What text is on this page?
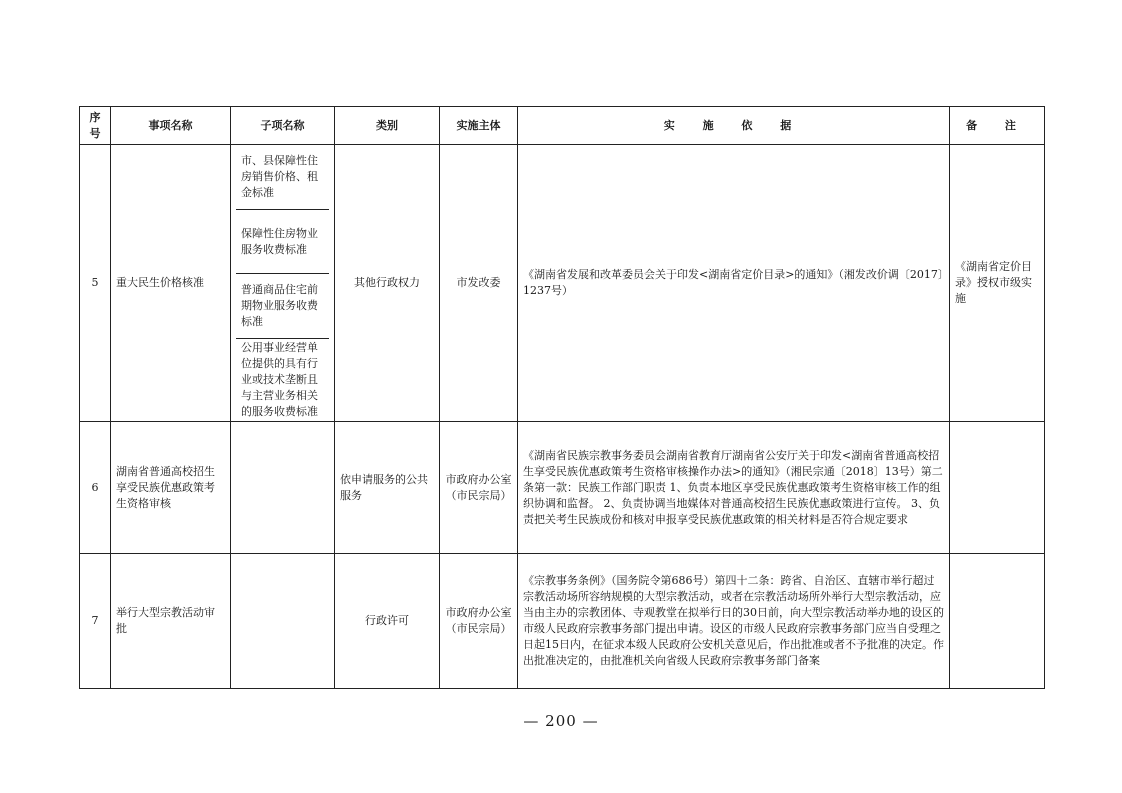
序号	事项名称	子项名称	类别	实施主体	实 施 依 据	备 注
5	重大民生价格核准	市、县保障性住房销售价格、租金标准
保障性住房物业服务收费标准
普通商品住宅前期物业服务收费标准
公用事业经营单位提供的具有行业或技术垄断且与主营业务相关的服务收费标准	其他行政权力	市发改委	《湖南省发展和改革委员会关于印发<湖南省定价目录>的通知》（湘发改价调〔2017〕1237号）	《湖南省定价目录》授权市级实施
6	湖南省普通高校招生享受民族优惠政策考生资格审核		依申请服务的公共服务	市政府办公室（市民宗局）	《湖南省民族宗教事务委员会湖南省教育厅湖南省公安厅关于印发<湖南省普通高校招生享受民族优惠政策考生资格审核操作办法>的通知》（湘民宗通〔2018〕13号）第二条第一款：民族工作部门职责 1、负责本地区享受民族优惠政策考生资格审核工作的组织协调和监督。 2、负责协调当地媒体对普通高校招生民族优惠政策进行宣传。 3、负责把关考生民族成份和核对申报享受民族优惠政策的相关材料是否符合规定要求	
7	举行大型宗教活动审批		行政许可	市政府办公室（市民宗局）	《宗教事务条例》（国务院令第686号）第四十二条：跨省、自治区、直辖市举行超过宗教活动场所容纳规模的大型宗教活动，或者在宗教活动场所外举行大型宗教活动，应当由主办的宗教团体、寺观教堂在拟举行日的30日前，向大型宗教活动举办地的设区的市级人民政府宗教事务部门提出申请。设区的市级人民政府宗教事务部门应当自受理之日起15日内，在征求本级人民政府公安机关意见后，作出批准或者不予批准的决定。作出批准决定的，由批准机关向省级人民政府宗教事务部门备案	
— 200 —
